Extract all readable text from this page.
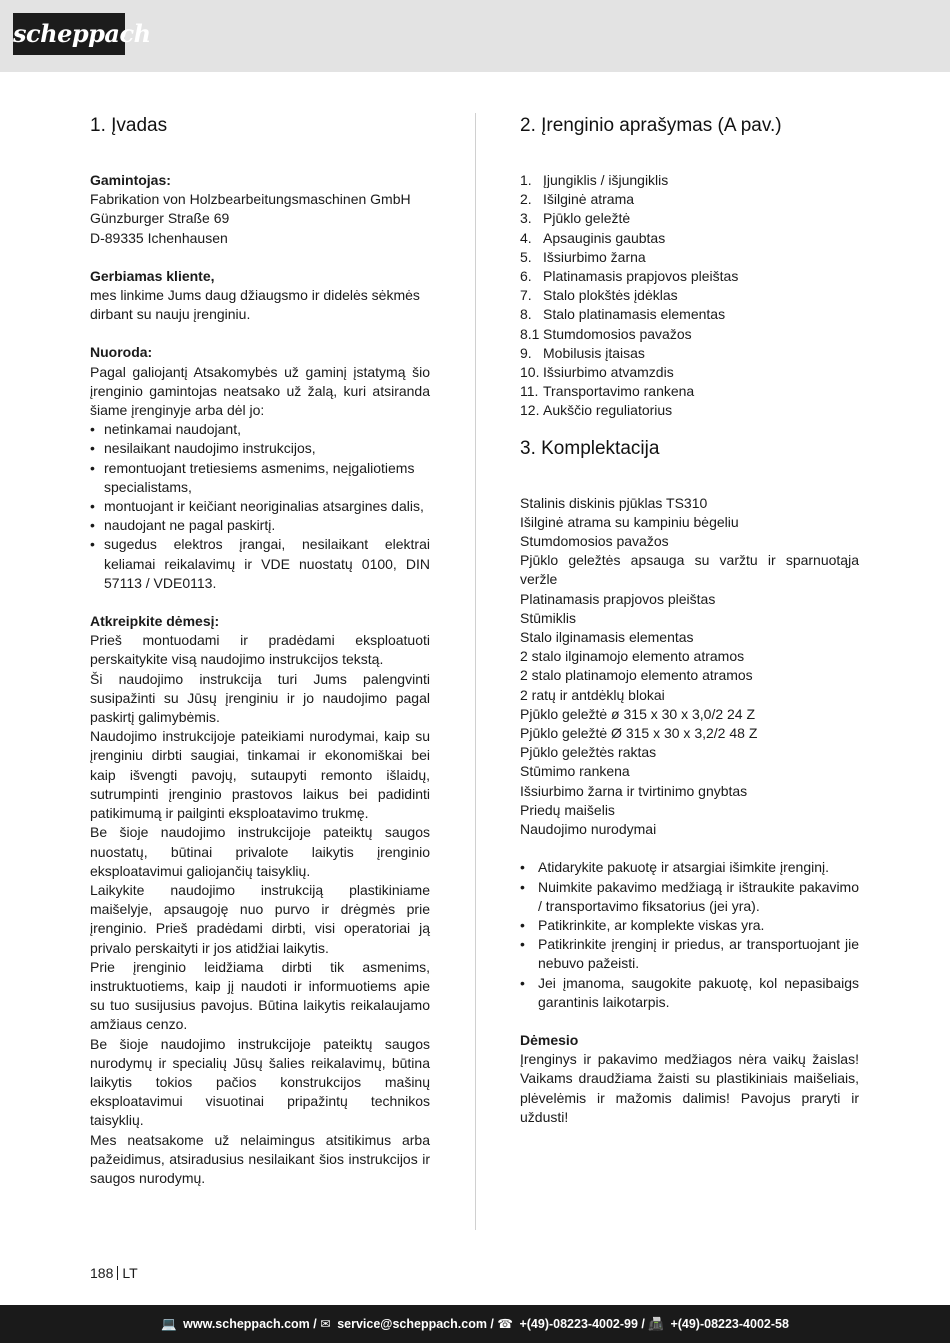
scheppach
1. Įvadas

Gamintojas:

Fabrikation von Holzbearbeitungsmaschinen GmbH
Günzburger Straße 69
D-89335 Ichenhausen

Gerbiamas kliente,

mes linkime Jums daug džiaugsmo ir didelės sėkmės dirbant su nauju įrenginiu.

Nuoroda:

Pagal galiojantį Atsakomybės už gaminį įstatymą šio įrenginio gamintojas neatsako už žalą, kuri atsiranda šiame įrenginyje arba dėl jo:

• netinkamai naudojant,
• nesilaikant naudojimo instrukcijos,
• remontuojant tretiesiems asmenims, neįgaliotiems specialistams,
• montuojant ir keičiant neoriginalias atsargines dalis,
• naudojant ne pagal paskirtį.
• sugedus elektros įrangai, nesilaikant elektrai keliamai reikalavimų ir VDE nuostatų 0100, DIN 57113 / VDE0113.

Atkreipkite dėmesį:

Prieš montuodami ir pradėdami eksploatuoti perskaitykite visą naudojimo instrukcijos tekstą.

Ši naudojimo instrukcija turi Jums palengvinti susipažinti su Jūsų įrenginiu ir jo naudojimo pagal paskirtį galimybėmis.

Naudojimo instrukcijoje pateikiami nurodymai, kaip su įrenginiu dirbti saugiai, tinkamai ir ekonomiškai bei kaip išvengti pavojų, sutaupyti remonto išlaidų, sutrumpinti įrenginio prastovos laikus bei padidinti patikimumą ir pailginti eksploatavimo trukmę.

Be šioje naudojimo instrukcijoje pateiktų saugos nuostatų, būtinai privalote laikytis įrenginio eksploatavimui galiojančių taisyklių.

Laikykite naudojimo instrukciją plastikiniame maišelyje, apsaugoję nuo purvo ir drėgmės prie įrenginio. Prieš pradėdami dirbti, visi operatoriai ją privalo perskaityti ir jos atidžiai laikytis.

Prie įrenginio leidžiama dirbti tik asmenims, instruktuotiems, kaip jį naudoti ir informuotiems apie su tuo susijusius pavojus. Būtina laikytis reikalaujamo amžiaus cenzo.

Be šioje naudojimo instrukcijoje pateiktų saugos nurodymų ir specialių Jūsų šalies reikalavimų, būtina laikytis tokios pačios konstrukcijos mašinų eksploatavimui visuotinai pripažintų technikos taisyklių.

Mes neatsakome už nelaimingus atsitikimus arba pažeidimus, atsiradusius nesilaikant šios instrukcijos ir saugos nurodymų.

2. Įrenginio aprašymas (A pav.)
1. Įjungiklis / išjungiklis
2. Išilginė atrama
3. Pjūklo geležtė
4. Apsauginis gaubtas
5. Išsiurbimo žarna
6. Platinamasis prapjovos pleištas
7. Stalo plokštės įdėklas
8. Stalo platinamasis elementas
8.1 Stumdomosios pavažos
9. Mobilusis įtaisas
10. Išsiurbimo atvamzdis
11. Transportavimo rankena
12. Aukščio reguliatorius
3. Komplektacija
Stalinis diskinis pjūklas TS310
Išilginė atrama su kampiniu bėgeliu
Stumdomosios pavažos
Pjūklo geležtės apsauga su varžtu ir sparnuotąja veržle
Platinamasis prapjovos pleištas
Stūmiklis
Stalo ilginamasis elementas
2 stalo ilginamojo elemento atramos
2 stalo platinamojo elemento atramos
2 ratų ir antdėklų blokai
Pjūklo geležtė ø 315 x 30 x 3,0/2 24 Z
Pjūklo geležtė Ø 315 x 30 x 3,2/2 48 Z
Pjūklo geležtės raktas
Stūmimo rankena
Išsiurbimo žarna ir tvirtinimo gnybtas
Priedų maišelis
Naudojimo nurodymai
• Atidarykite pakuotę ir atsargiai išimkite įrenginį.
• Nuimkite pakavimo medžiagą ir ištraukite pakavimo / transportavimo fiksatorius (jei yra).
• Patikrinkite, ar komplekte viskas yra.
• Patikrinkite įrenginį ir priedus, ar transportuojant jie nebuvo pažeisti.
• Jei įmanoma, saugokite pakuotę, kol nepasibaigs garantinis laikotarpis.

Dėmesio

Įrenginys ir pakavimo medžiagos nėra vaikų žaislas! Vaikams draudžiama žaisti su plastikiniais maišeliais, plėvelėmis ir mažomis dalimis! Pavojus praryti ir uždusti!

188 LT
💻 www.scheppach.com / ✉ service@scheppach.com / ☎ +(49)-08223-4002-99 / 📠 +(49)-08223-4002-58
